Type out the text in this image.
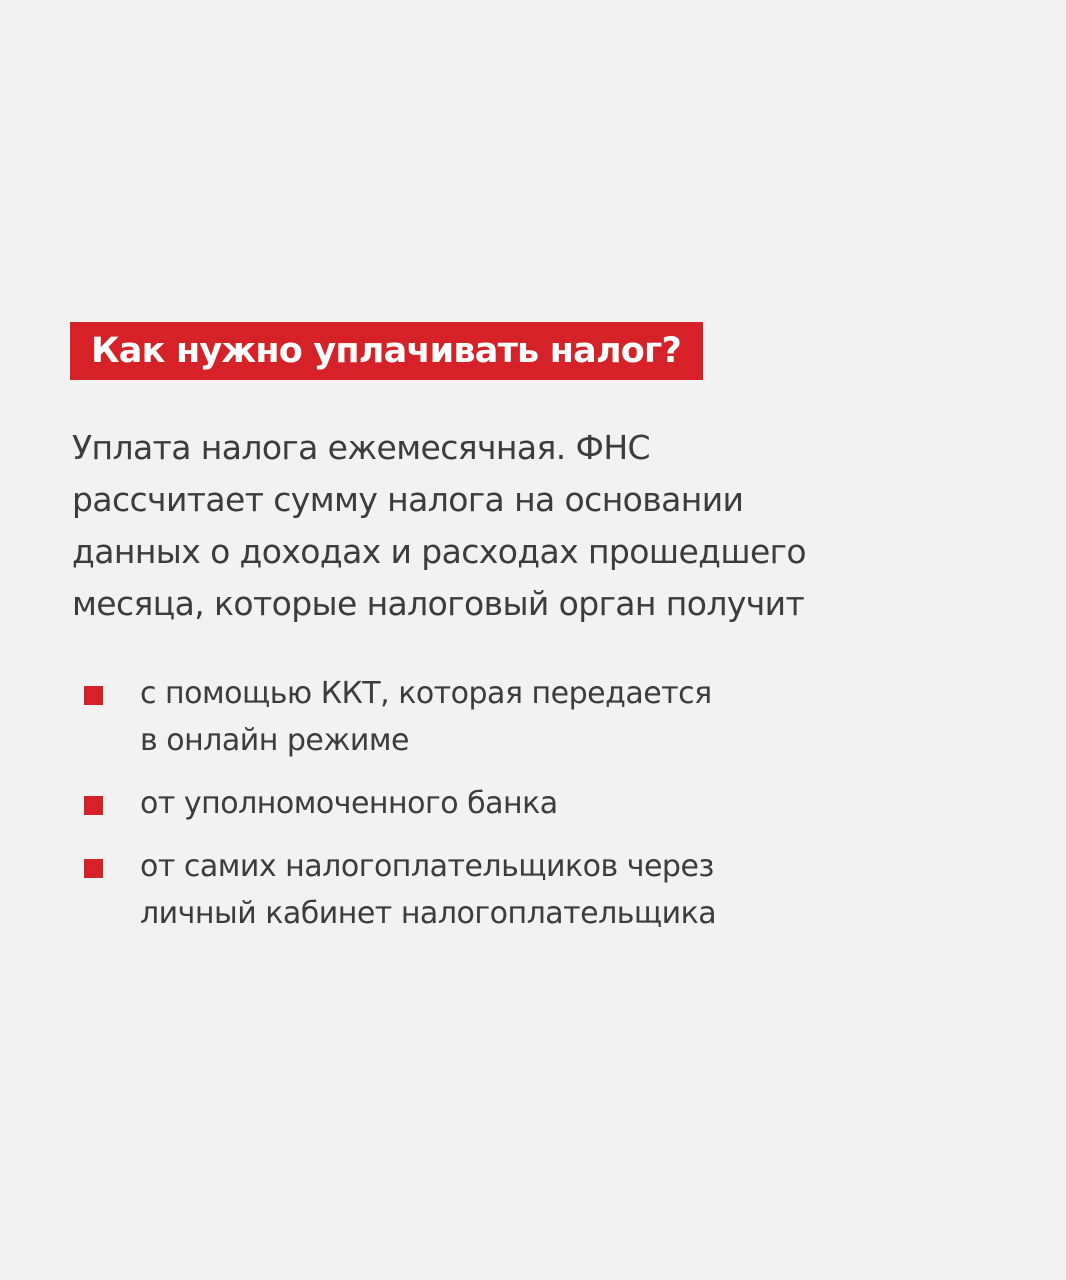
Как нужно уплачивать налог?

Уплата налога ежемесячная. ФНС
рассчитает сумму налога на основании
данных о доходах и расходах прошедшего
месяца, которые налоговый орган получит

с помощью ККТ, которая передается
в онлайн режиме
от уполномоченного банка
от самих налогоплательщиков через
личный кабинет налогоплательщика
